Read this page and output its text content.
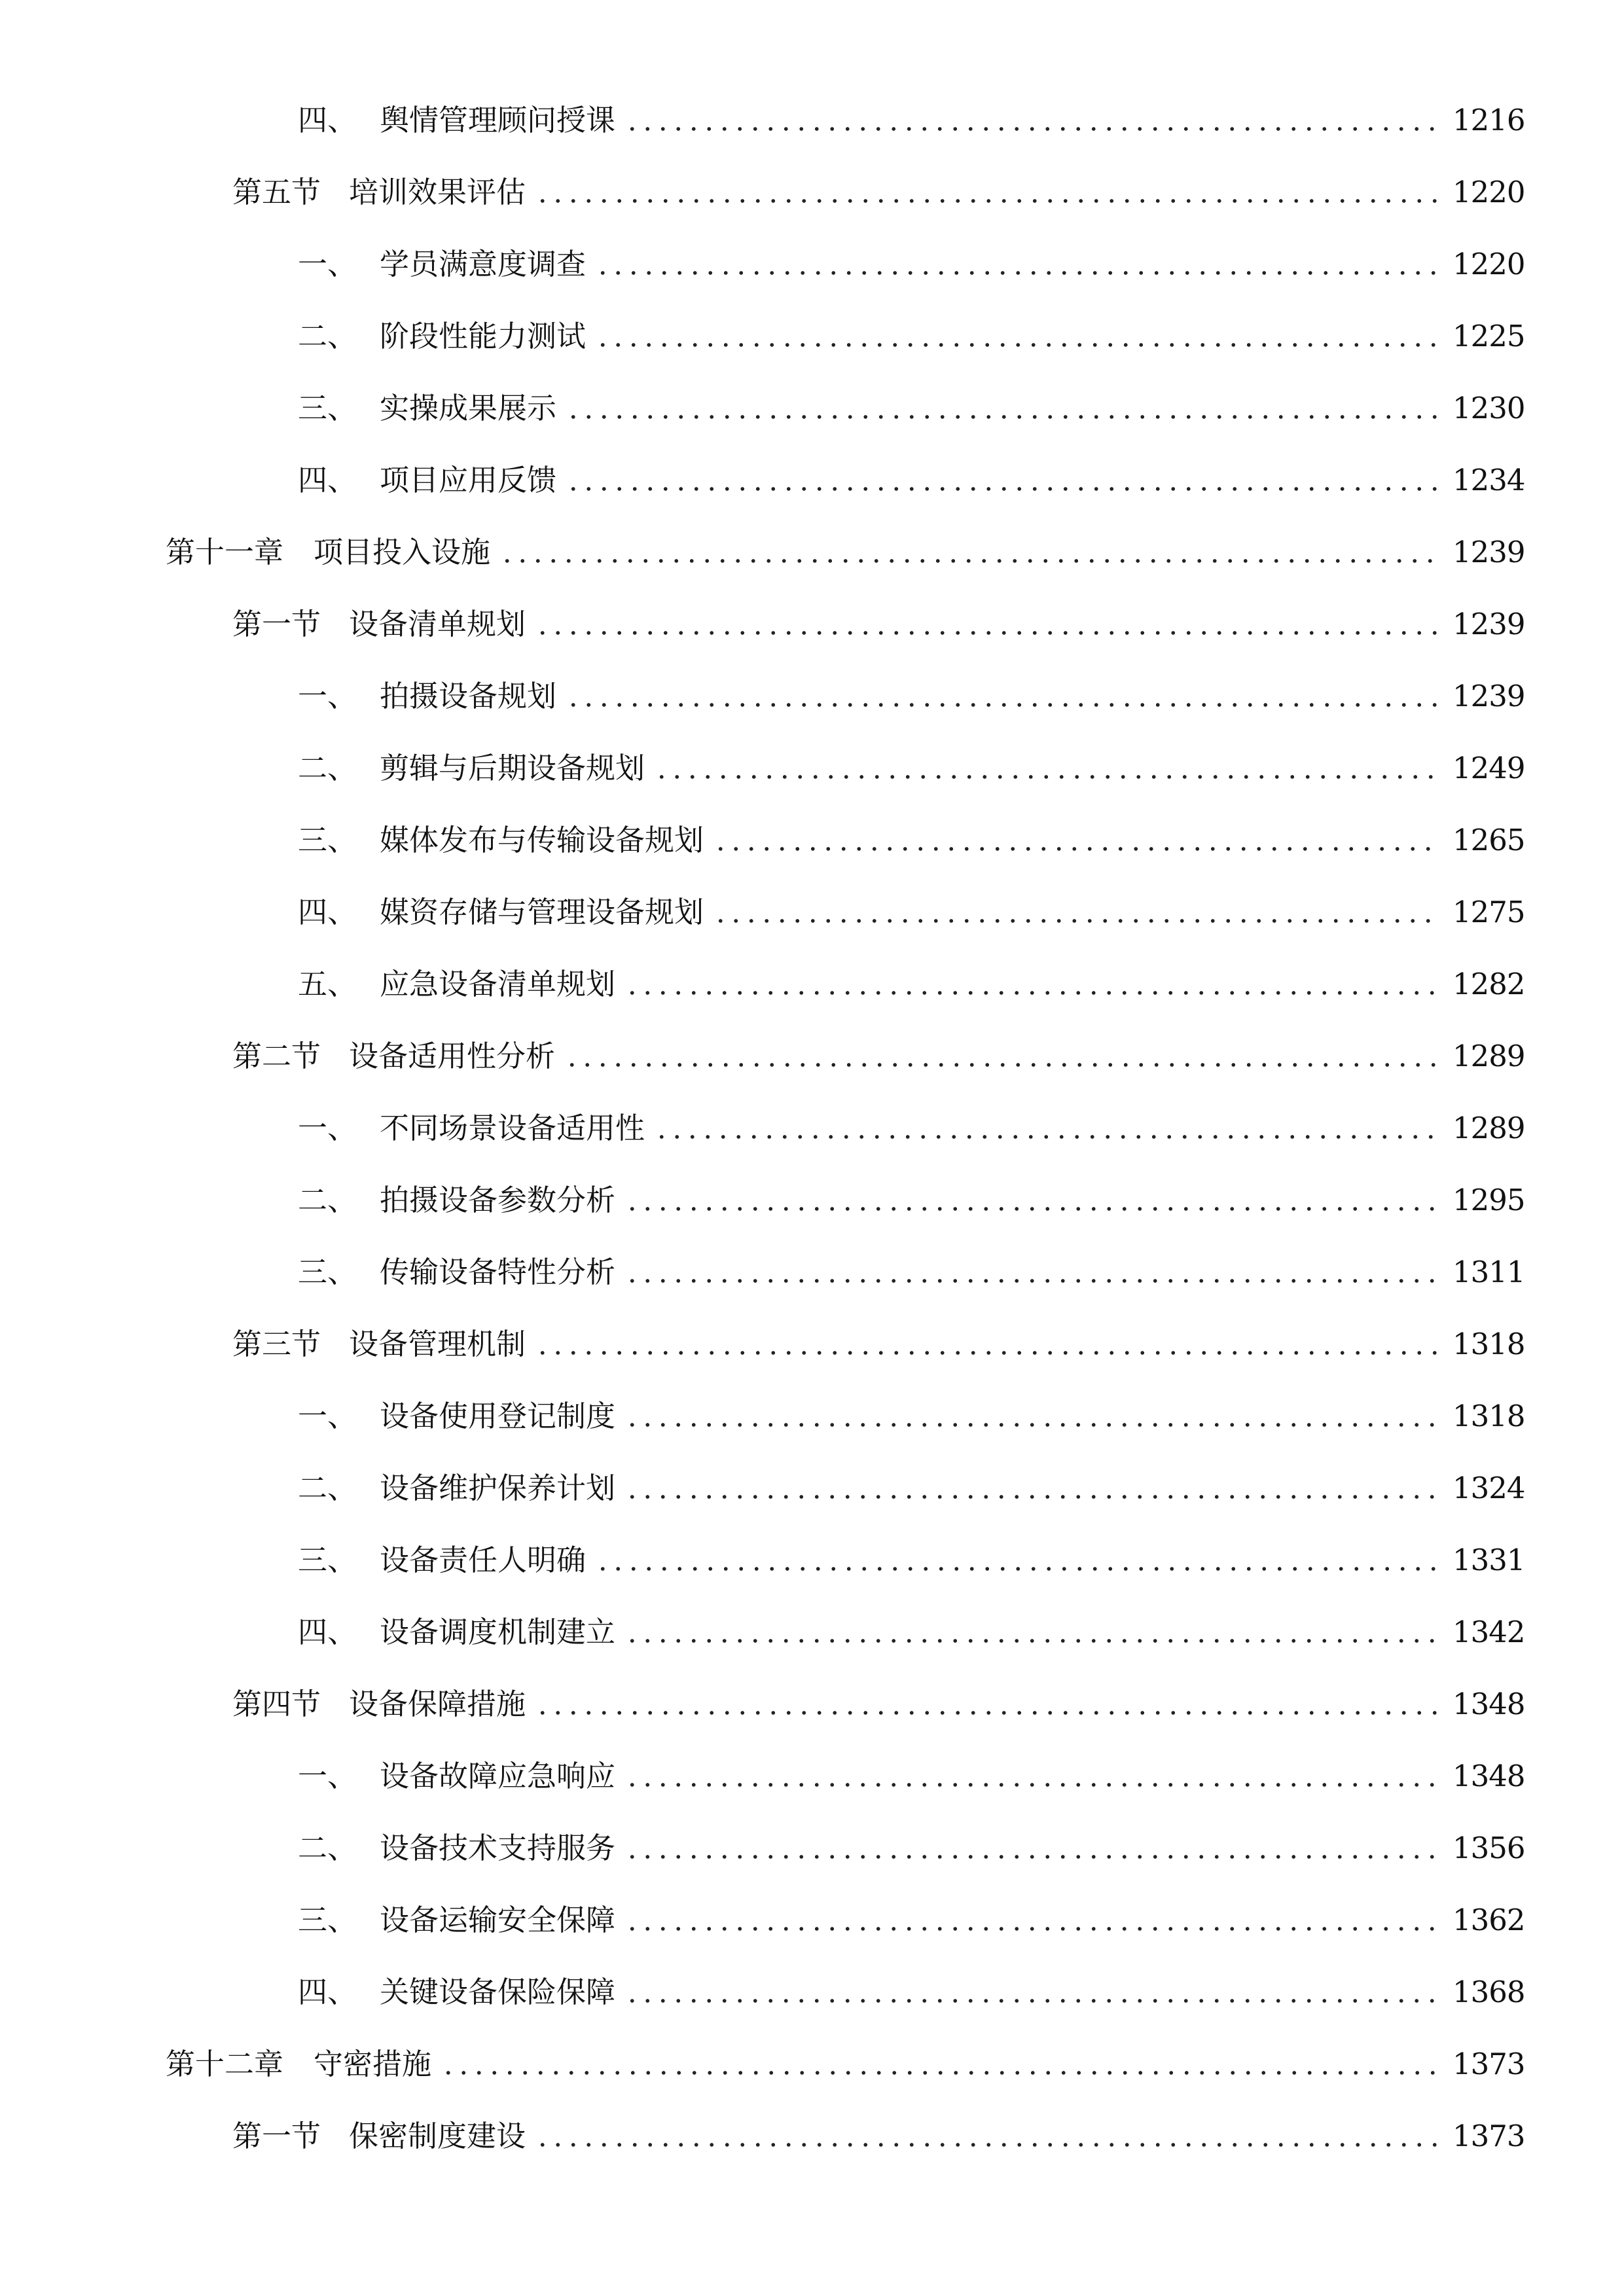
四、 舆情管理顾问授课	1216
第五节 培训效果评估	1220
一、 学员满意度调查	1220
二、 阶段性能力测试	1225
三、 实操成果展示	1230
四、 项目应用反馈	1234
第十一章	项目投入设施	1239
第一节 设备清单规划	1239
一、 拍摄设备规划	1239
二、 剪辑与后期设备规划	1249
三、 媒体发布与传输设备规划	1265
四、 媒资存储与管理设备规划	1275
五、 应急设备清单规划	1282
第二节 设备适用性分析	1289
一、 不同场景设备适用性	1289
二、 拍摄设备参数分析	1295
三、 传输设备特性分析	1311
第三节 设备管理机制	1318
一、 设备使用登记制度	1318
二、 设备维护保养计划	1324
三、 设备责任人明确	1331
四、 设备调度机制建立	1342
第四节 设备保障措施	1348
一、 设备故障应急响应	1348
二、 设备技术支持服务	1356
三、 设备运输安全保障	1362
四、 关键设备保险保障	1368
第十二章	守密措施	1373
第一节 保密制度建设	1373
